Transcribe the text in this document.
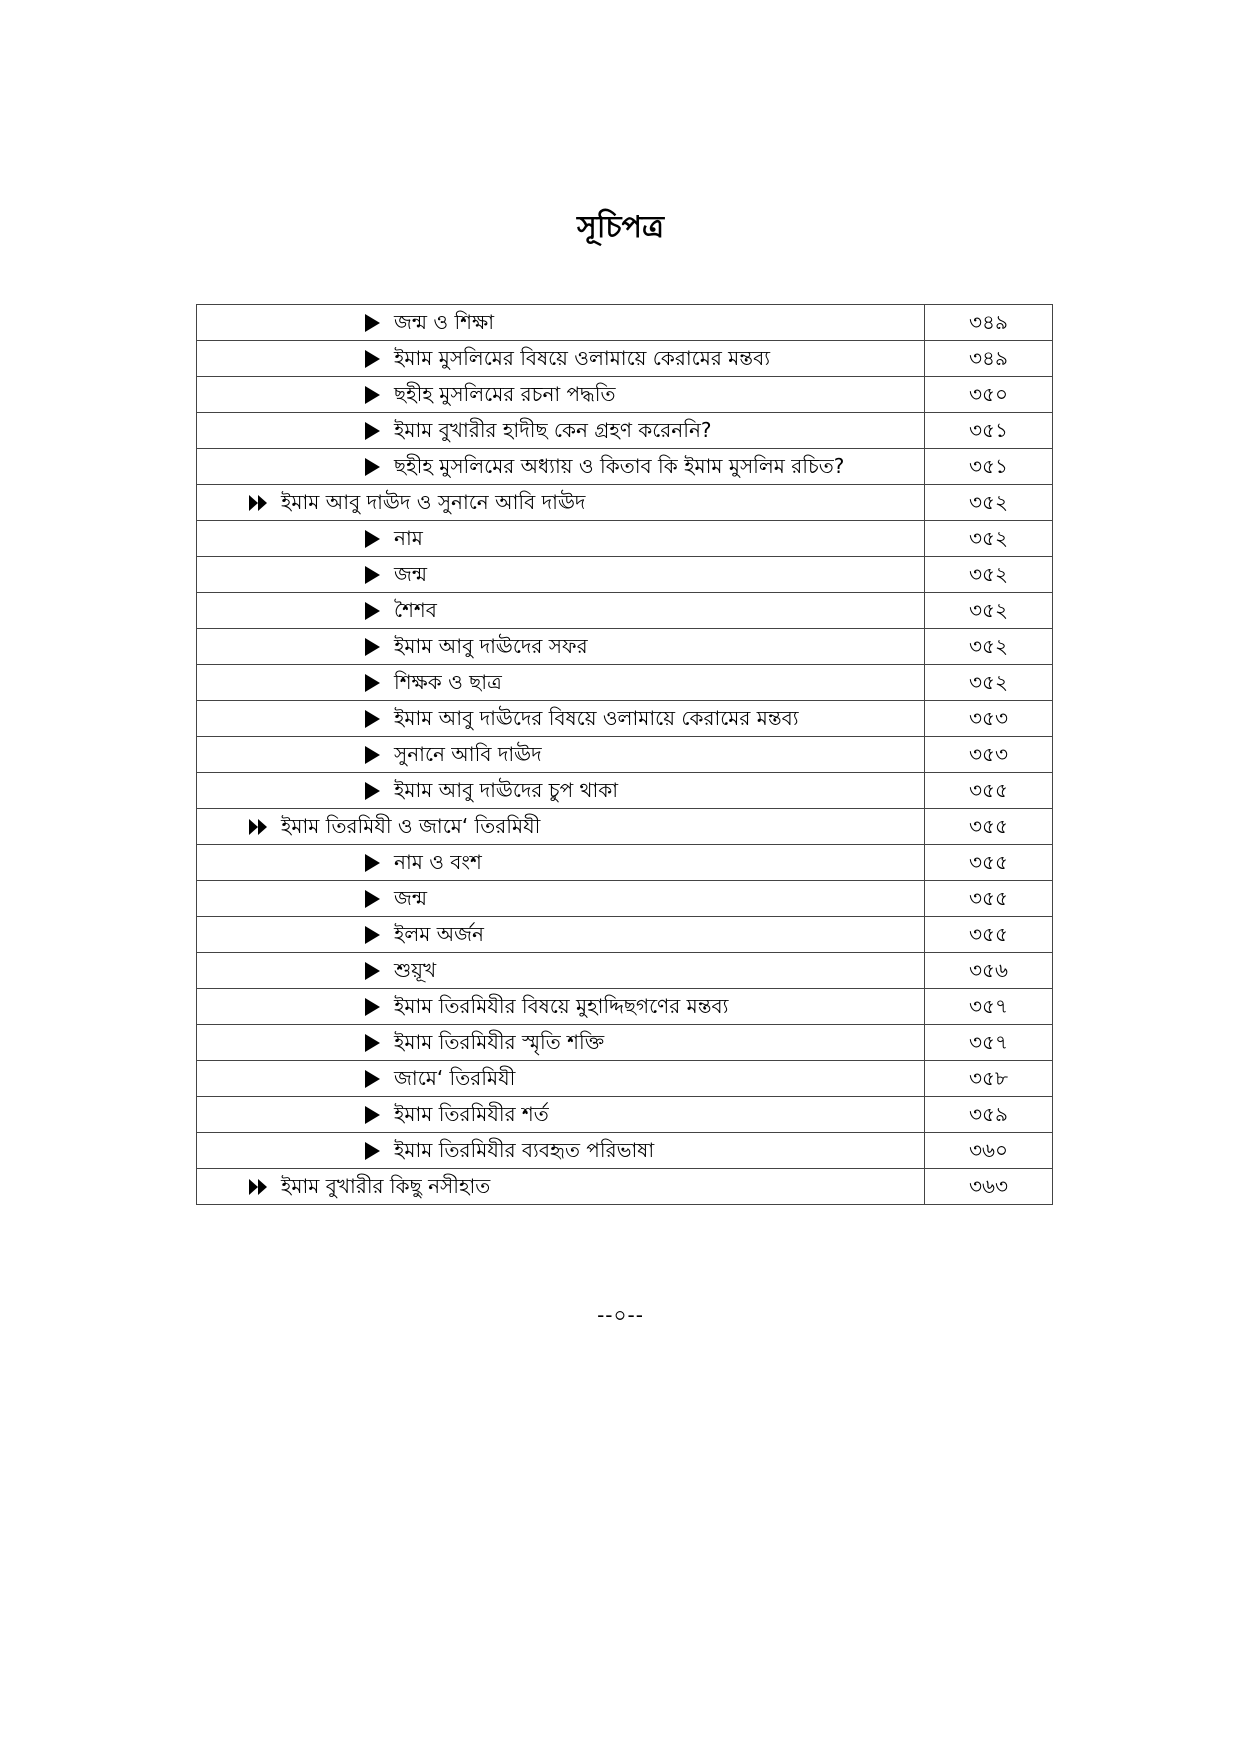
সূচিপত্র
জন্ম ও শিক্ষা	৩৪৯

ইমাম মুসলিমের বিষয়ে ওলামায়ে কেরামের মন্তব্য	৩৪৯

ছহীহ মুসলিমের রচনা পদ্ধতি	৩৫০

ইমাম বুখারীর হাদীছ কেন গ্রহণ করেননি?	৩৫১

ছহীহ মুসলিমের অধ্যায় ও কিতাব কি ইমাম মুসলিম রচিত?	৩৫১

ইমাম আবু দাঊদ ও সুনানে আবি দাঊদ	৩৫২

নাম	৩৫২

জন্ম	৩৫২

শৈশব	৩৫২

ইমাম আবু দাঊদের সফর	৩৫২

শিক্ষক ও ছাত্র	৩৫২

ইমাম আবু দাঊদের বিষয়ে ওলামায়ে কেরামের মন্তব্য	৩৫৩

সুনানে আবি দাঊদ	৩৫৩

ইমাম আবু দাঊদের চুপ থাকা	৩৫৫

ইমাম তিরমিযী ও জামে‘ তিরমিযী	৩৫৫

নাম ও বংশ	৩৫৫

জন্ম	৩৫৫

ইলম অর্জন	৩৫৫

শুয়ূখ	৩৫৬

ইমাম তিরমিযীর বিষয়ে মুহাদ্দিছগণের মন্তব্য	৩৫৭

ইমাম তিরমিযীর স্মৃতি শক্তি	৩৫৭

জামে‘ তিরমিযী	৩৫৮

ইমাম তিরমিযীর শর্ত	৩৫৯

ইমাম তিরমিযীর ব্যবহৃত পরিভাষা	৩৬০

ইমাম বুখারীর কিছু নসীহাত	৩৬৩
--০--
